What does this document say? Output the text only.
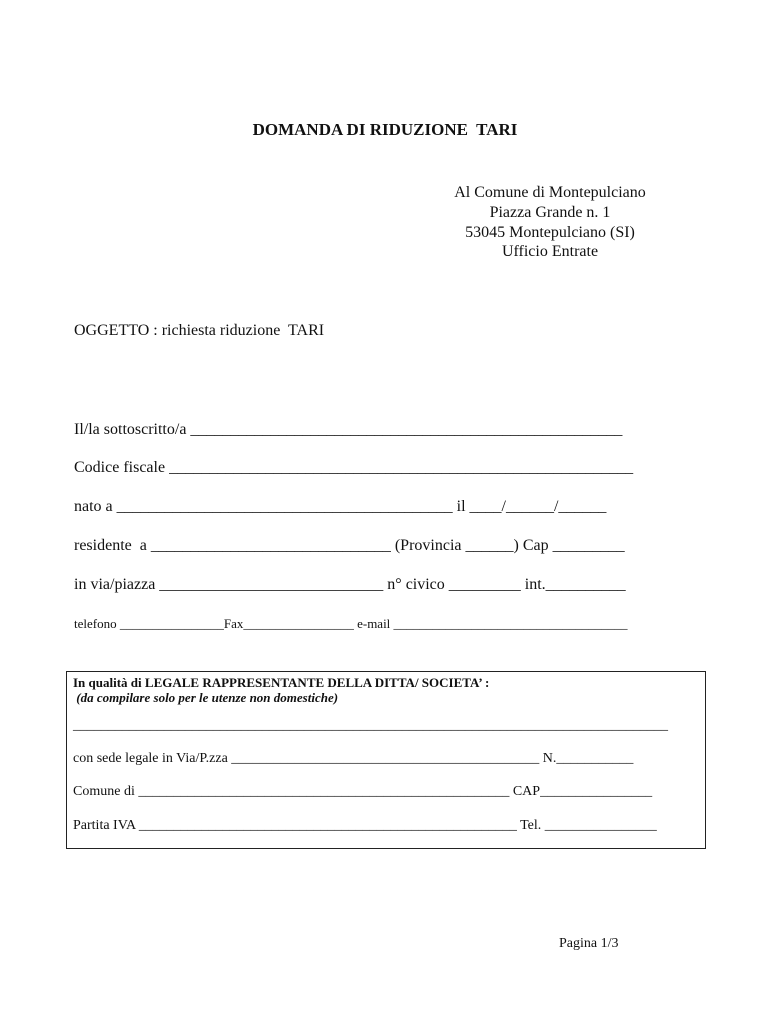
DOMANDA DI RIDUZIONE  TARI
Al Comune di Montepulciano
Piazza Grande n. 1
53045 Montepulciano (SI)
Ufficio Entrate
OGGETTO : richiesta riduzione  TARI
Il/la sottoscritto/a ______________________________________________________
Codice fiscale __________________________________________________________
nato a __________________________________________ il ____/______/______
residente  a ______________________________ (Provincia ______) Cap _________
in via/piazza ____________________________ n° civico _________ int.__________
telefono ________________Fax_________________ e-mail ____________________________________
In qualità di LEGALE RAPPRESENTANTE DELLA DITTA/ SOCIETA’ :
(da compilare solo per le utenze non domestiche)
_____________________________________________________________________________________
con sede legale in Via/P.zza ____________________________________________ N.___________
Comune di _____________________________________________________ CAP________________
Partita IVA ______________________________________________________ Tel. ________________
Pagina 1/3
